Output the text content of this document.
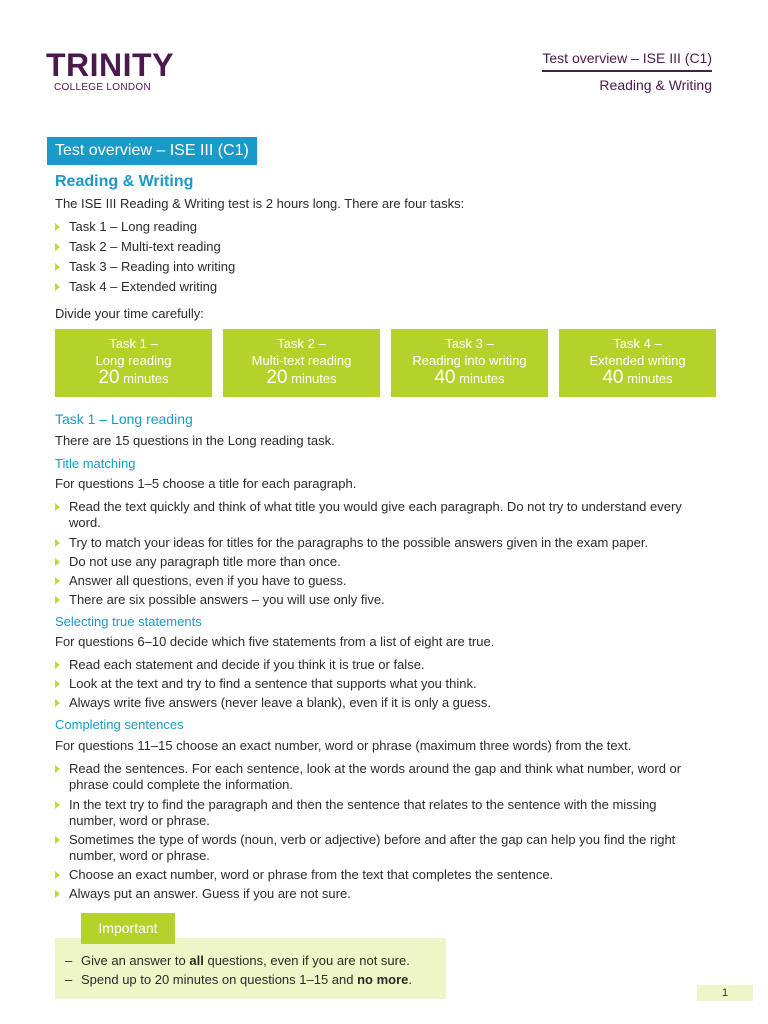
TRINITY
COLLEGE LONDON
Test overview – ISE III (C1)
Reading & Writing
Test overview – ISE III (C1)
Reading & Writing
The ISE III Reading & Writing test is 2 hours long. There are four tasks:
Task 1 – Long reading
Task 2 – Multi-text reading
Task 3 – Reading into writing
Task 4 – Extended writing
Divide your time carefully:
Task 1 –
Long reading
20 minutes
Task 2 –
Multi-text reading
20 minutes
Task 3 –
Reading into writing
40 minutes
Task 4 –
Extended writing
40 minutes
Task 1 – Long reading
There are 15 questions in the Long reading task.
Title matching
For questions 1–5 choose a title for each paragraph.
Read the text quickly and think of what title you would give each paragraph. Do not try to understand every word.
Try to match your ideas for titles for the paragraphs to the possible answers given in the exam paper.
Do not use any paragraph title more than once.
Answer all questions, even if you have to guess.
There are six possible answers – you will use only five.
Selecting true statements
For questions 6–10 decide which five statements from a list of eight are true.
Read each statement and decide if you think it is true or false.
Look at the text and try to find a sentence that supports what you think.
Always write five answers (never leave a blank), even if it is only a guess.
Completing sentences
For questions 11–15 choose an exact number, word or phrase (maximum three words) from the text.
Read the sentences. For each sentence, look at the words around the gap and think what number, word or phrase could complete the information.
In the text try to find the paragraph and then the sentence that relates to the sentence with the missing number, word or phrase.
Sometimes the type of words (noun, verb or adjective) before and after the gap can help you find the right number, word or phrase.
Choose an exact number, word or phrase from the text that completes the sentence.
Always put an answer. Guess if you are not sure.
Important
– Give an answer to all questions, even if you are not sure.
– Spend up to 20 minutes on questions 1–15 and no more.
1
